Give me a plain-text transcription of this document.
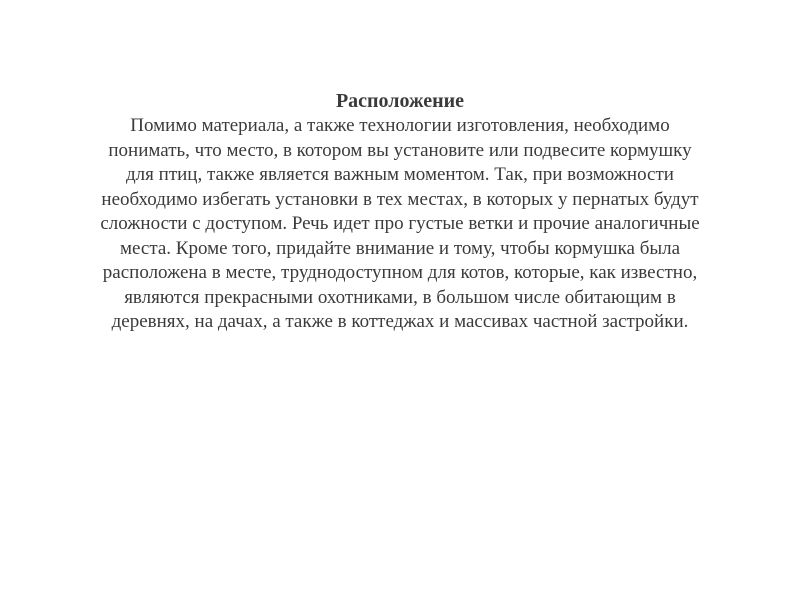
Расположение
Помимо материала, а также технологии изготовления, необходимо
понимать, что место, в котором вы установите или подвесите кормушку
для птиц, также является важным моментом. Так, при возможности
необходимо избегать установки в тех местах, в которых у пернатых будут
сложности с доступом. Речь идет про густые ветки и прочие аналогичные
места. Кроме того, придайте внимание и тому, чтобы кормушка была
расположена в месте, труднодоступном для котов, которые, как известно,
являются прекрасными охотниками, в большом числе обитающим в
деревнях, на дачах, а также в коттеджах и массивах частной застройки.
